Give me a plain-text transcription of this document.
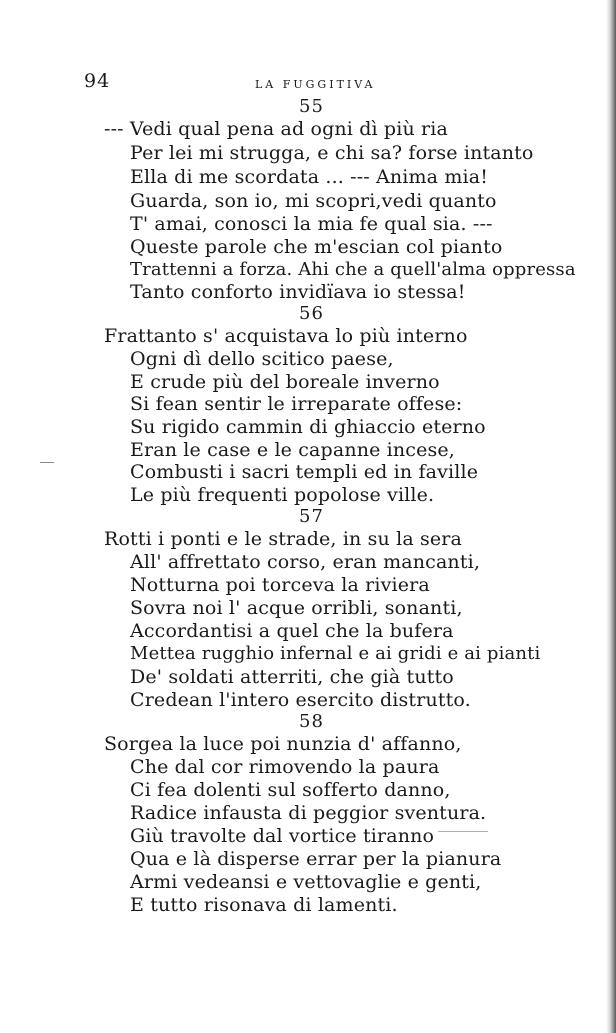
94	LA FUGGITIVA
55
--- Vedi qual pena ad ogni dì più ria
Per lei mi strugga, e chi sa? forse intanto
Ella di me scordata ... --- Anima mia!
Guarda, son io, mi scopri,vedi quanto
T' amai, conosci la mia fe qual sia. ---
Queste parole che m'escian col pianto
Trattenni a forza. Ahi che a quell'alma oppressa
Tanto conforto invidïava io stessa!
56
Frattanto s' acquistava lo più interno
Ogni dì dello scitico paese,
E crude più del boreale inverno
Si fean sentir le irreparate offese:
Su rigido cammin di ghiaccio eterno
Eran le case e le capanne incese,
Combusti i sacri templi ed in faville
Le più frequenti popolose ville.
57
Rotti i ponti e le strade, in su la sera
All' affrettato corso, eran mancanti,
Notturna poi torceva la riviera
Sovra noi l' acque orribli, sonanti,
Accordantisi a quel che la bufera
Mettea rugghio infernal e ai gridi e ai pianti
De' soldati atterriti, che già tutto
Credean l'intero esercito distrutto.
58
Sorgea la luce poi nunzia d' affanno,
Che dal cor rimovendo la paura
Ci fea dolenti sul sofferto danno,
Radice infausta di peggior sventura.
Giù travolte dal vortice tiranno
Qua e là disperse errar per la pianura
Armi vedeansi e vettovaglie e genti,
E tutto risonava di lamenti.
